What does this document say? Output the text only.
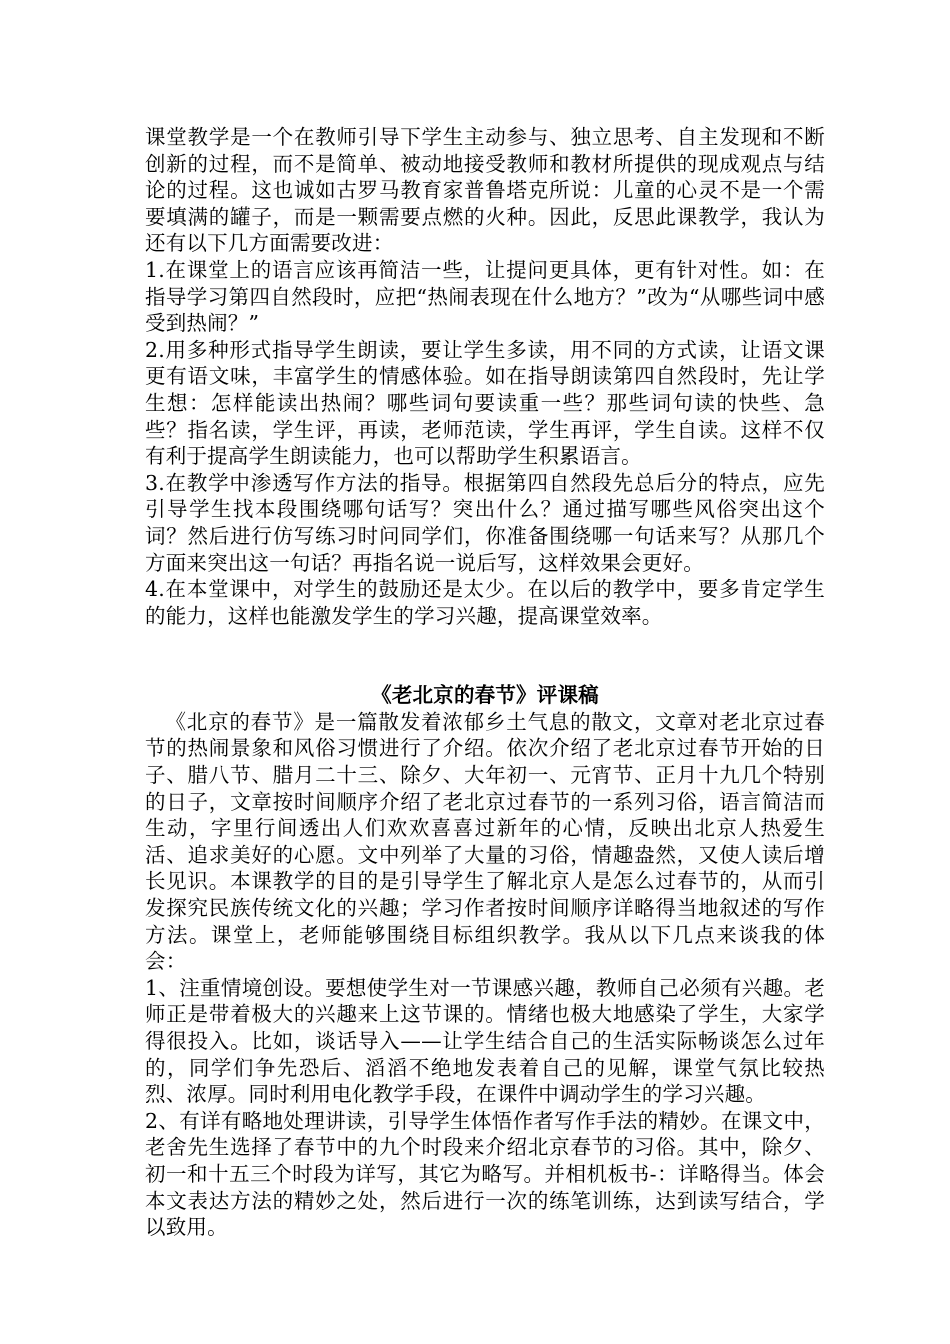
课堂教学是一个在教师引导下学生主动参与、独立思考、自主发现和不断创新的过程，而不是简单、被动地接受教师和教材所提供的现成观点与结论的过程。这也诚如古罗马教育家普鲁塔克所说：儿童的心灵不是一个需要填满的罐子，而是一颗需要点燃的火种。因此，反思此课教学，我认为还有以下几方面需要改进：

1.在课堂上的语言应该再简洁一些，让提问更具体，更有针对性。如：在指导学习第四自然段时，应把“热闹表现在什么地方？”改为“从哪些词中感受到热闹？”

2.用多种形式指导学生朗读，要让学生多读，用不同的方式读，让语文课更有语文味，丰富学生的情感体验。如在指导朗读第四自然段时，先让学生想：怎样能读出热闹？哪些词句要读重一些？那些词句读的快些、急些？指名读，学生评，再读，老师范读，学生再评，学生自读。这样不仅有利于提高学生朗读能力，也可以帮助学生积累语言。

3.在教学中渗透写作方法的指导。根据第四自然段先总后分的特点，应先引导学生找本段围绕哪句话写？突出什么？通过描写哪些风俗突出这个词？然后进行仿写练习时问同学们，你准备围绕哪一句话来写？从那几个方面来突出这一句话？再指名说一说后写，这样效果会更好。

4.在本堂课中，对学生的鼓励还是太少。在以后的教学中，要多肯定学生的能力，这样也能激发学生的学习兴趣，提高课堂效率。

《老北京的春节》评课稿

《北京的春节》是一篇散发着浓郁乡土气息的散文，文章对老北京过春节的热闹景象和风俗习惯进行了介绍。依次介绍了老北京过春节开始的日子、腊八节、腊月二十三、除夕、大年初一、元宵节、正月十九几个特别的日子，文章按时间顺序介绍了老北京过春节的一系列习俗，语言简洁而生动，字里行间透出人们欢欢喜喜过新年的心情，反映出北京人热爱生活、追求美好的心愿。文中列举了大量的习俗，情趣盎然，又使人读后增长见识。本课教学的目的是引导学生了解北京人是怎么过春节的，从而引发探究民族传统文化的兴趣；学习作者按时间顺序详略得当地叙述的写作方法。课堂上，老师能够围绕目标组织教学。我从以下几点来谈我的体会：

1、注重情境创设。要想使学生对一节课感兴趣，教师自己必须有兴趣。老师正是带着极大的兴趣来上这节课的。情绪也极大地感染了学生，大家学得很投入。比如，谈话导入——让学生结合自己的生活实际畅谈怎么过年的，同学们争先恐后、滔滔不绝地发表着自己的见解，课堂气氛比较热烈、浓厚。同时利用电化教学手段，在课件中调动学生的学习兴趣。

2、有详有略地处理讲读，引导学生体悟作者写作手法的精妙。在课文中，老舍先生选择了春节中的九个时段来介绍北京春节的习俗。其中，除夕、初一和十五三个时段为详写，其它为略写。并相机板书-：详略得当。体会本文表达方法的精妙之处，然后进行一次的练笔训练，达到读写结合，学以致用。
